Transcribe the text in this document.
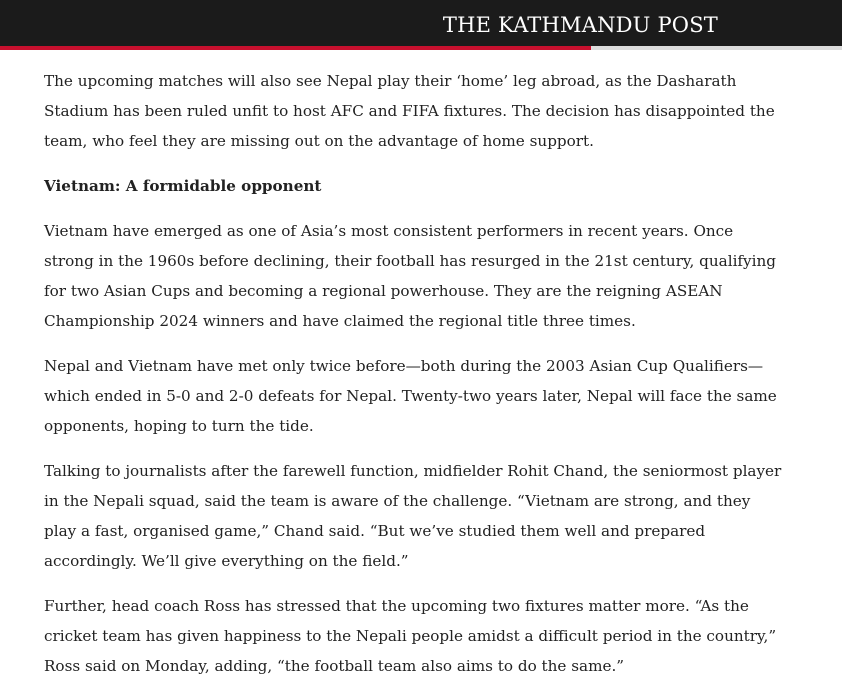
THE KATHMANDU POST

The upcoming matches will also see Nepal play their ‘home’ leg abroad, as the Dasharath Stadium has been ruled unfit to host AFC and FIFA fixtures. The decision has disappointed the team, who feel they are missing out on the advantage of home support.

Vietnam: A formidable opponent

Vietnam have emerged as one of Asia’s most consistent performers in recent years. Once strong in the 1960s before declining, their football has resurged in the 21st century, qualifying for two Asian Cups and becoming a regional powerhouse. They are the reigning ASEAN Championship 2024 winners and have claimed the regional title three times.

Nepal and Vietnam have met only twice before—both during the 2003 Asian Cup Qualifiers—which ended in 5-0 and 2-0 defeats for Nepal. Twenty-two years later, Nepal will face the same opponents, hoping to turn the tide.

Talking to journalists after the farewell function, midfielder Rohit Chand, the seniormost player in the Nepali squad, said the team is aware of the challenge. “Vietnam are strong, and they play a fast, organised game,” Chand said. “But we’ve studied them well and prepared accordingly. We’ll give everything on the field.”

Further, head coach Ross has stressed that the upcoming two fixtures matter more. “As the cricket team has given happiness to the Nepali people amidst a difficult period in the country,” Ross said on Monday, adding, “the football team also aims to do the same.”
